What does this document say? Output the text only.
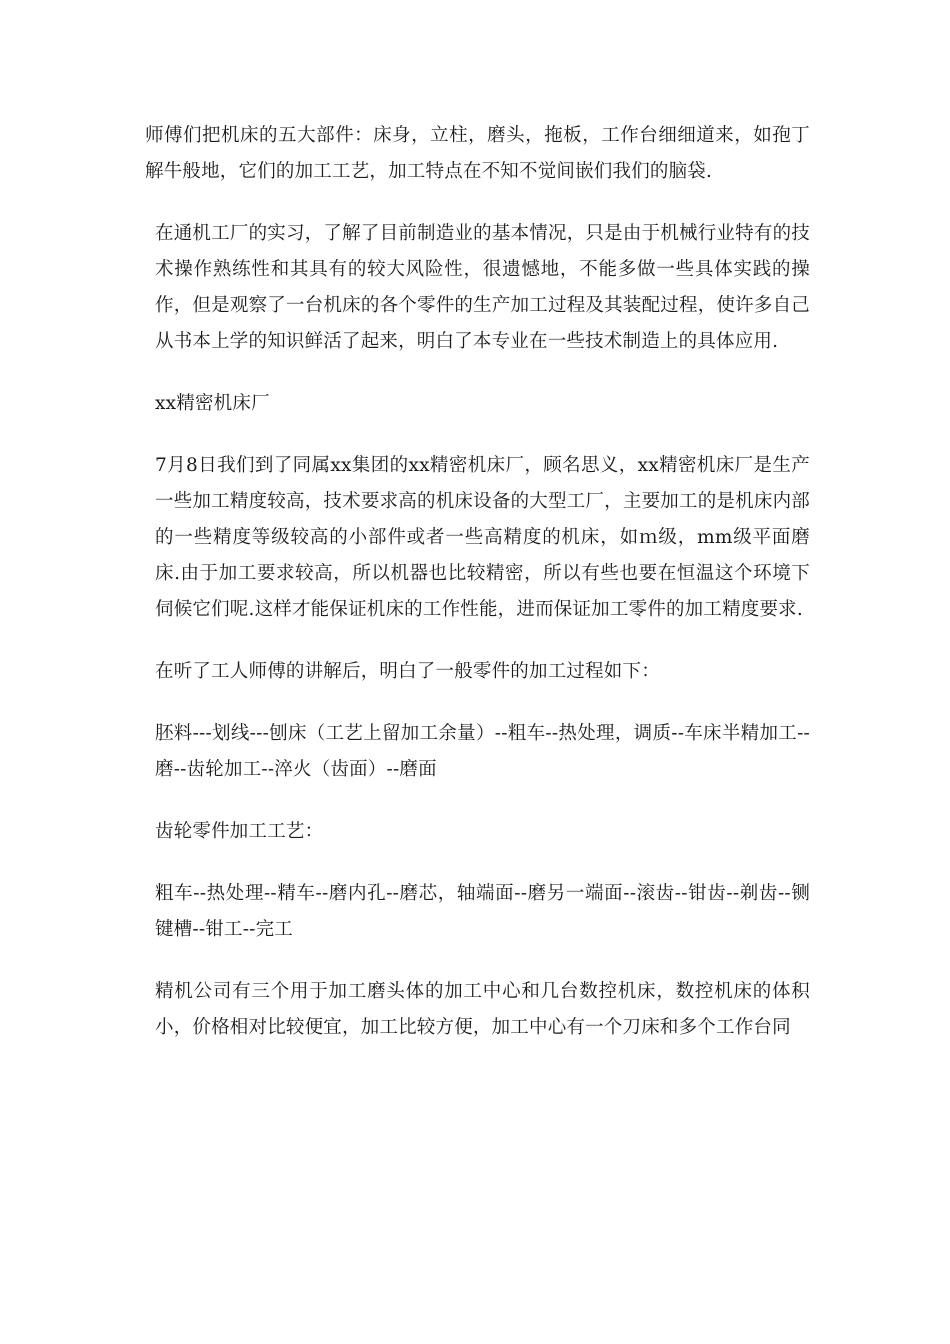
师傅们把机床的五大部件：床身，立柱，磨头，拖板，工作台细细道来，如孢丁解牛般地，它们的加工工艺，加工特点在不知不觉间嵌们我们的脑袋.

在通机工厂的实习，了解了目前制造业的基本情况，只是由于机械行业特有的技术操作熟练性和其具有的较大风险性，很遗憾地，不能多做一些具体实践的操作，但是观察了一台机床的各个零件的生产加工过程及其装配过程，使许多自己从书本上学的知识鲜活了起来，明白了本专业在一些技术制造上的具体应用.

xx精密机床厂

7月8日我们到了同属xx集团的xx精密机床厂，顾名思义，xx精密机床厂是生产一些加工精度较高，技术要求高的机床设备的大型工厂，主要加工的是机床内部的一些精度等级较高的小部件或者一些高精度的机床，如ｍ级，mm级平面磨床.由于加工要求较高，所以机器也比较精密，所以有些也要在恒温这个环境下伺候它们呢.这样才能保证机床的工作性能，进而保证加工零件的加工精度要求.

在听了工人师傅的讲解后，明白了一般零件的加工过程如下：

胚料---划线---刨床（工艺上留加工余量）--粗车--热处理，调质--车床半精加工--磨--齿轮加工--淬火（齿面）--磨面

齿轮零件加工工艺：

粗车--热处理--精车--磨内孔--磨芯，轴端面--磨另一端面--滚齿--钳齿--剃齿--铡键槽--钳工--完工

精机公司有三个用于加工磨头体的加工中心和几台数控机床，数控机床的体积小，价格相对比较便宜，加工比较方便，加工中心有一个刀床和多个工作台同
